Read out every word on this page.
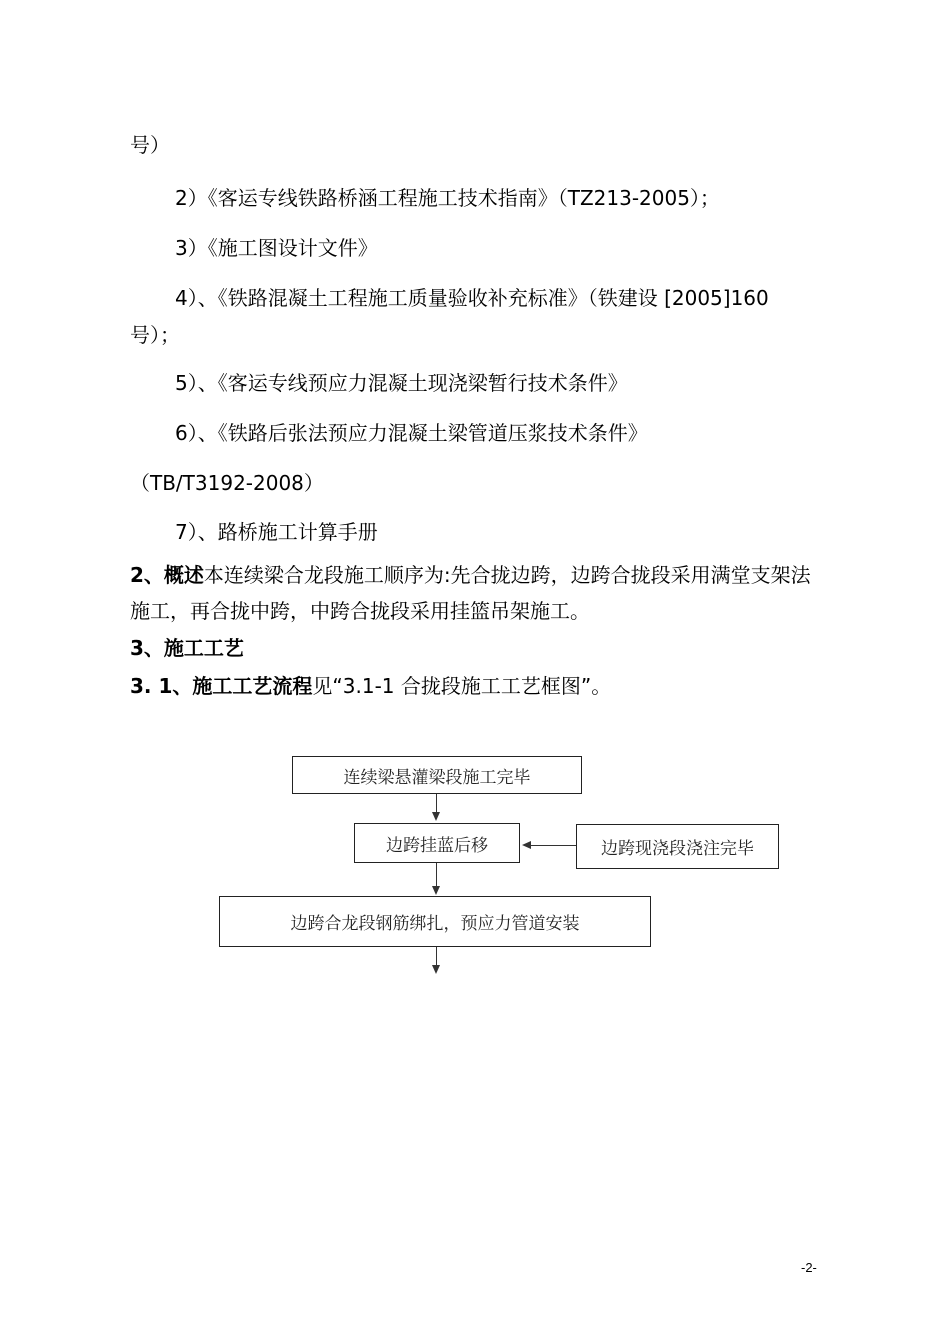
号）
2）《客运专线铁路桥涵工程施工技术指南》（TZ213-2005）；
3）《施工图设计文件》
4）、《铁路混凝土工程施工质量验收补充标准》（铁建设 [2005]160
号）；
5）、《客运专线预应力混凝土现浇梁暂行技术条件》
6）、《铁路后张法预应力混凝土梁管道压浆技术条件》
（TB/T3192-2008）
7）、路桥施工计算手册
2、概述本连续梁合龙段施工顺序为:先合拢边跨，边跨合拢段采用满堂支架法
施工，再合拢中跨，中跨合拢段采用挂篮吊架施工。
3、施工工艺
3. 1、施工工艺流程见“3.1-1 合拢段施工工艺框图”。
连续梁悬灌梁段施工完毕
边跨挂蓝后移	边跨现浇段浇注完毕
边跨合龙段钢筋绑扎，预应力管道安装
-2-
